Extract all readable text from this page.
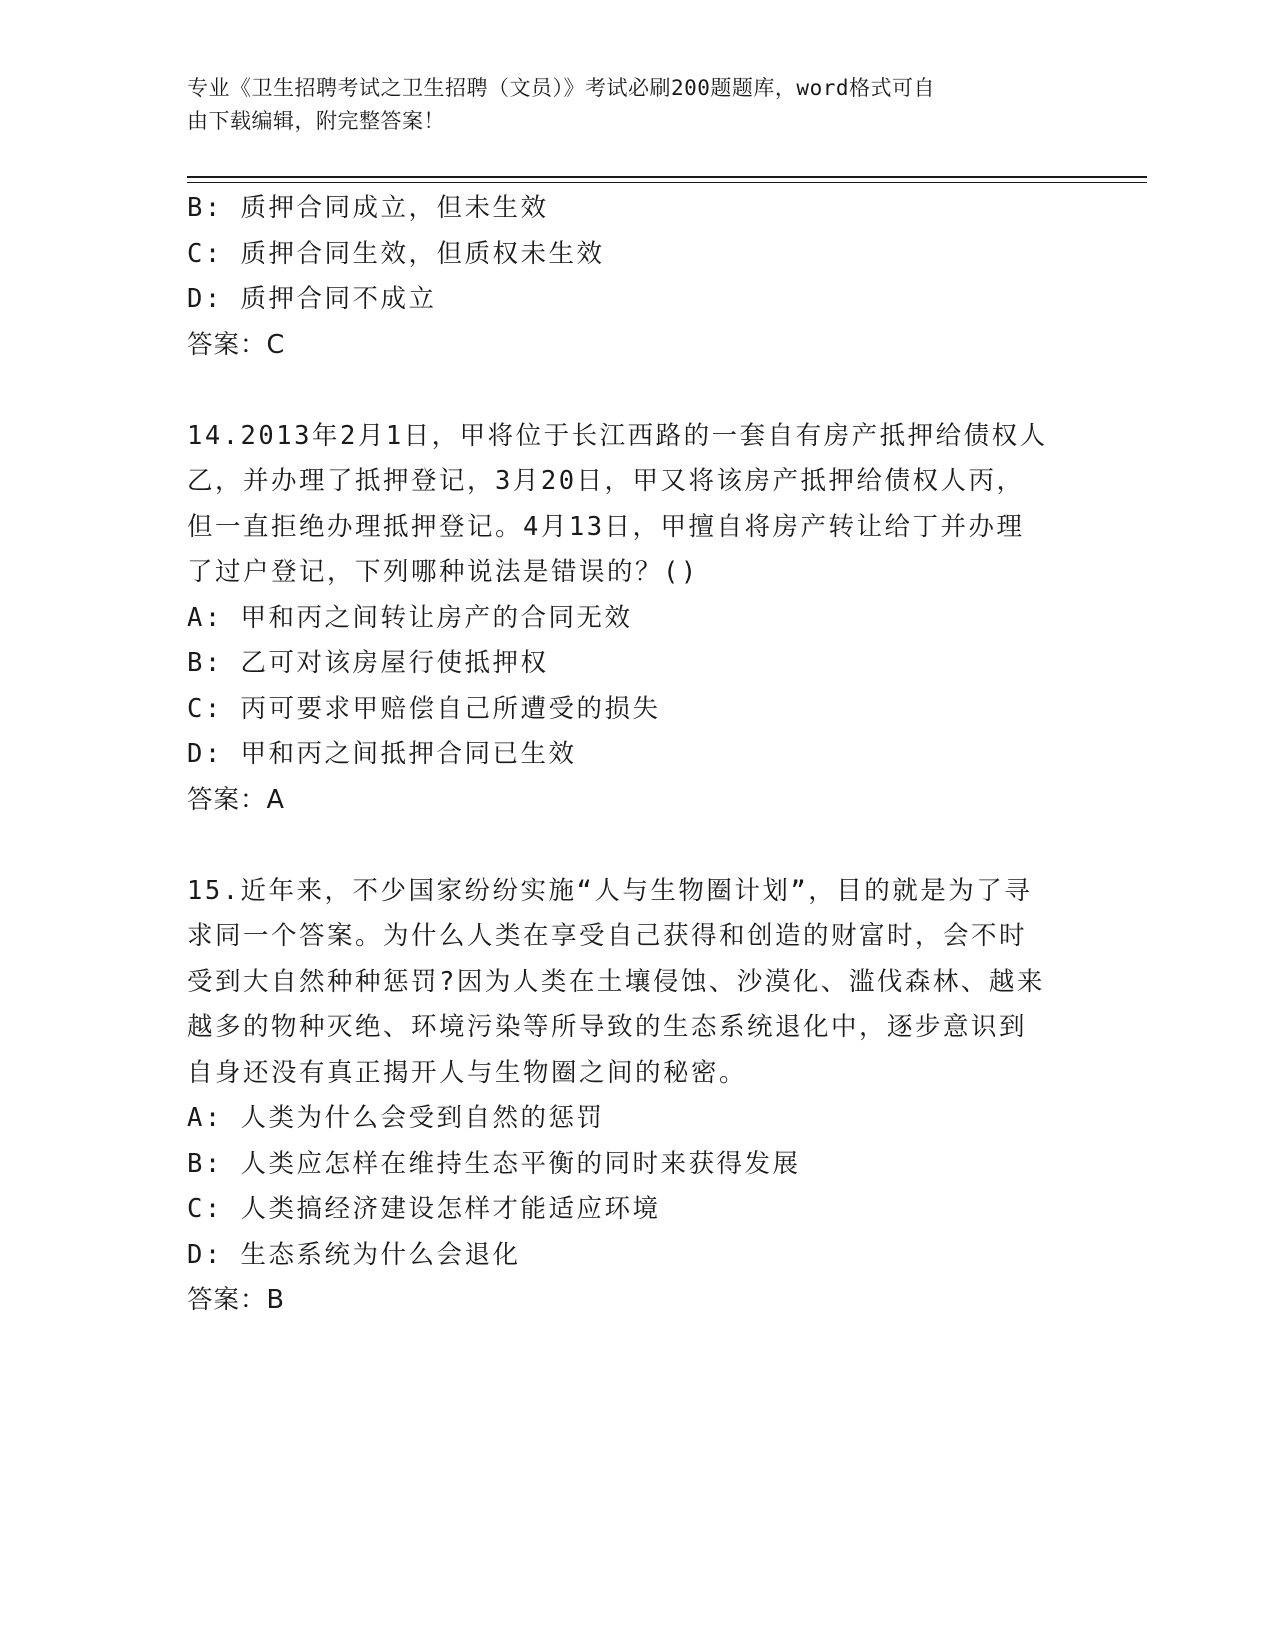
专业《卫生招聘考试之卫生招聘（文员）》考试必刷200题题库，word格式可自
由下载编辑，附完整答案！
B: 质押合同成立，但未生效
C: 质押合同生效，但质权未生效
D: 质押合同不成立
答案：C
14.2013年2月1日，甲将位于长江西路的一套自有房产抵押给债权人
乙，并办理了抵押登记，3月20日，甲又将该房产抵押给债权人丙，
但一直拒绝办理抵押登记。4月13日，甲擅自将房产转让给丁并办理
了过户登记，下列哪种说法是错误的？()
A: 甲和丙之间转让房产的合同无效
B: 乙可对该房屋行使抵押权
C: 丙可要求甲赔偿自己所遭受的损失
D: 甲和丙之间抵押合同已生效
答案：A
15.近年来，不少国家纷纷实施“人与生物圈计划”，目的就是为了寻
求同一个答案。为什么人类在享受自己获得和创造的财富时，会不时
受到大自然种种惩罚?因为人类在土壤侵蚀、沙漠化、滥伐森林、越来
越多的物种灭绝、环境污染等所导致的生态系统退化中，逐步意识到
自身还没有真正揭开人与生物圈之间的秘密。
A: 人类为什么会受到自然的惩罚
B: 人类应怎样在维持生态平衡的同时来获得发展
C: 人类搞经济建设怎样才能适应环境
D: 生态系统为什么会退化
答案：B
